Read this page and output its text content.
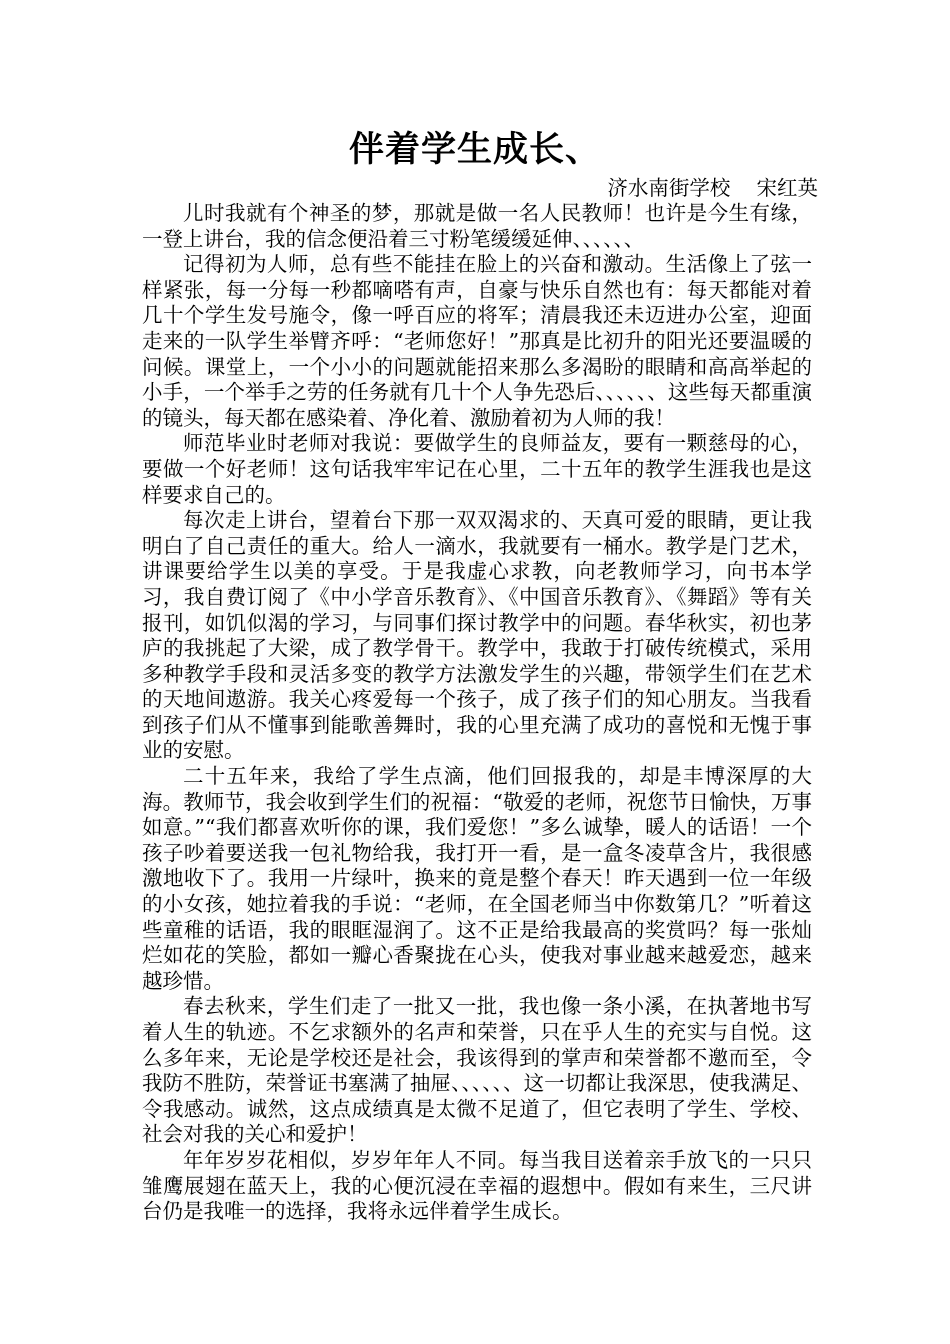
伴着学生成长、
济水南街学校    宋红英

儿时我就有个神圣的梦，那就是做一名人民教师！也许是今生有缘，一登上讲台，我的信念便沿着三寸粉笔缓缓延伸、、、、、、

记得初为人师，总有些不能挂在脸上的兴奋和激动。生活像上了弦一样紧张，每一分每一秒都嘀嗒有声，自豪与快乐自然也有：每天都能对着几十个学生发号施令，像一呼百应的将军；清晨我还未迈进办公室，迎面走来的一队学生举臂齐呼：“老师您好！”那真是比初升的阳光还要温暖的问候。课堂上，一个小小的问题就能招来那么多渴盼的眼睛和高高举起的小手，一个举手之劳的任务就有几十个人争先恐后、、、、、、这些每天都重演的镜头，每天都在感染着、净化着、激励着初为人师的我！

师范毕业时老师对我说：要做学生的良师益友，要有一颗慈母的心，要做一个好老师！这句话我牢牢记在心里，二十五年的教学生涯我也是这样要求自己的。

每次走上讲台，望着台下那一双双渴求的、天真可爱的眼睛，更让我明白了自己责任的重大。给人一滴水，我就要有一桶水。教学是门艺术，讲课要给学生以美的享受。于是我虚心求教，向老教师学习，向书本学习，我自费订阅了《中小学音乐教育》、《中国音乐教育》、《舞蹈》等有关报刊，如饥似渴的学习，与同事们探讨教学中的问题。春华秋实，初也茅庐的我挑起了大梁，成了教学骨干。教学中，我敢于打破传统模式，采用多种教学手段和灵活多变的教学方法激发学生的兴趣，带领学生们在艺术的天地间遨游。我关心疼爱每一个孩子，成了孩子们的知心朋友。当我看到孩子们从不懂事到能歌善舞时，我的心里充满了成功的喜悦和无愧于事业的安慰。

二十五年来，我给了学生点滴，他们回报我的，却是丰博深厚的大海。教师节，我会收到学生们的祝福：“敬爱的老师，祝您节日愉快，万事如意。”“我们都喜欢听你的课，我们爱您！”多么诚挚，暖人的话语！一个孩子吵着要送我一包礼物给我，我打开一看，是一盒冬凌草含片，我很感激地收下了。我用一片绿叶，换来的竟是整个春天！昨天遇到一位一年级的小女孩，她拉着我的手说：“老师，在全国老师当中你数第几？”听着这些童稚的话语，我的眼眶湿润了。这不正是给我最高的奖赏吗？每一张灿烂如花的笑脸，都如一瓣心香聚拢在心头，使我对事业越来越爱恋，越来越珍惜。

春去秋来，学生们走了一批又一批，我也像一条小溪，在执著地书写着人生的轨迹。不乞求额外的名声和荣誉，只在乎人生的充实与自悦。这么多年来，无论是学校还是社会，我该得到的掌声和荣誉都不邀而至，令我防不胜防，荣誉证书塞满了抽屉、、、、、、这一切都让我深思，使我满足、令我感动。诚然，这点成绩真是太微不足道了，但它表明了学生、学校、社会对我的关心和爱护！

年年岁岁花相似，岁岁年年人不同。每当我目送着亲手放飞的一只只雏鹰展翅在蓝天上，我的心便沉浸在幸福的遐想中。假如有来生，三尺讲台仍是我唯一的选择，我将永远伴着学生成长。
